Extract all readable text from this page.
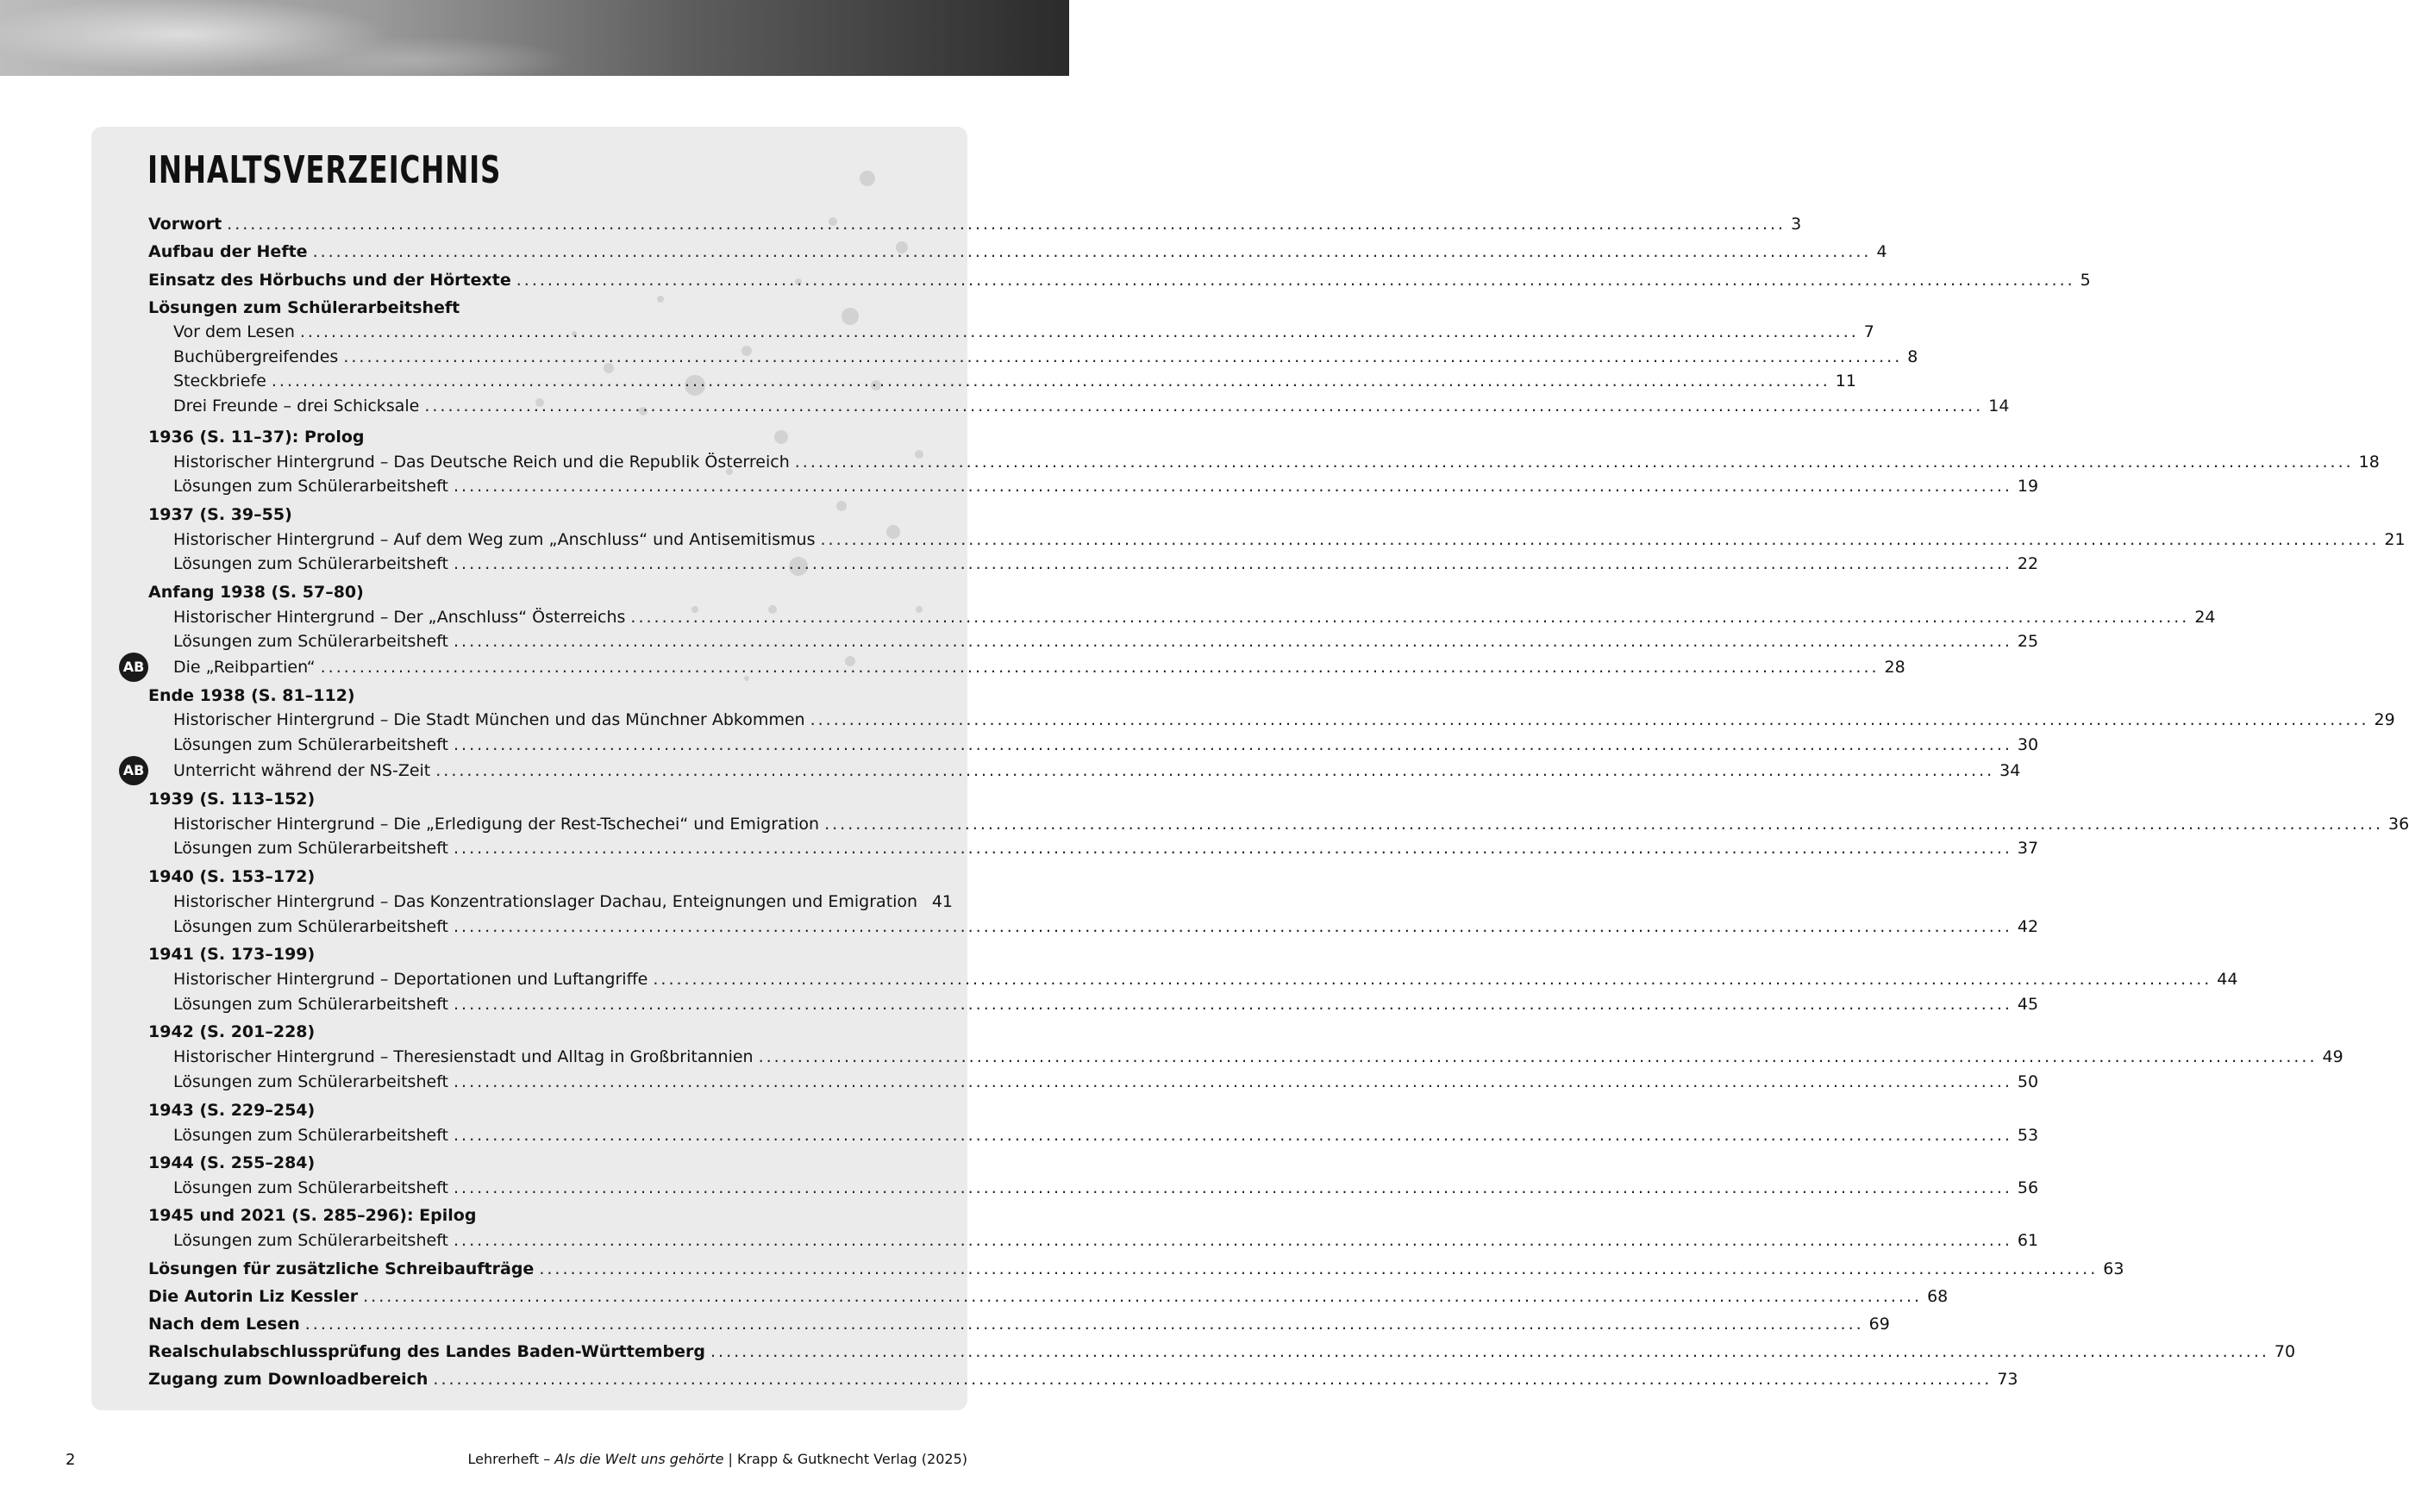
INHALTSVERZEICHNIS
Vorwort ........................................................................................................................................................................................................ 3
Aufbau der Hefte ........................................................................................................................................................................................................ 4
Einsatz des Hörbuchs und der Hörtexte ........................................................................................................................................................................................................ 5
Lösungen zum Schülerarbeitsheft
Vor dem Lesen ........................................................................................................................................................................................................ 7
Buchübergreifendes ........................................................................................................................................................................................................ 8
Steckbriefe ........................................................................................................................................................................................................ 11
Drei Freunde – drei Schicksale ........................................................................................................................................................................................................ 14
1936 (S. 11–37): Prolog
Historischer Hintergrund – Das Deutsche Reich und die Republik Österreich ........................................................................................................................................................................................................ 18
Lösungen zum Schülerarbeitsheft ........................................................................................................................................................................................................ 19
1937 (S. 39–55)
Historischer Hintergrund – Auf dem Weg zum „Anschluss“ und Antisemitismus ........................................................................................................................................................................................................ 21
Lösungen zum Schülerarbeitsheft ........................................................................................................................................................................................................ 22
Anfang 1938 (S. 57–80)
Historischer Hintergrund – Der „Anschluss“ Österreichs ........................................................................................................................................................................................................ 24
Lösungen zum Schülerarbeitsheft ........................................................................................................................................................................................................ 25
AB Die „Reibpartien“ ........................................................................................................................................................................................................ 28
Ende 1938 (S. 81–112)
Historischer Hintergrund – Die Stadt München und das Münchner Abkommen ........................................................................................................................................................................................................ 29
Lösungen zum Schülerarbeitsheft ........................................................................................................................................................................................................ 30
AB Unterricht während der NS-Zeit ........................................................................................................................................................................................................ 34
1939 (S. 113–152)
Historischer Hintergrund – Die „Erledigung der Rest-Tschechei“ und Emigration ........................................................................................................................................................................................................ 36
Lösungen zum Schülerarbeitsheft ........................................................................................................................................................................................................ 37
1940 (S. 153–172)
Historischer Hintergrund – Das Konzentrationslager Dachau, Enteignungen und Emigration 41
Lösungen zum Schülerarbeitsheft ........................................................................................................................................................................................................ 42
1941 (S. 173–199)
Historischer Hintergrund – Deportationen und Luftangriffe ........................................................................................................................................................................................................ 44
Lösungen zum Schülerarbeitsheft ........................................................................................................................................................................................................ 45
1942 (S. 201–228)
Historischer Hintergrund – Theresienstadt und Alltag in Großbritannien ........................................................................................................................................................................................................ 49
Lösungen zum Schülerarbeitsheft ........................................................................................................................................................................................................ 50
1943 (S. 229–254)
Lösungen zum Schülerarbeitsheft ........................................................................................................................................................................................................ 53
1944 (S. 255–284)
Lösungen zum Schülerarbeitsheft ........................................................................................................................................................................................................ 56
1945 und 2021 (S. 285–296): Epilog
Lösungen zum Schülerarbeitsheft ........................................................................................................................................................................................................ 61
Lösungen für zusätzliche Schreibaufträge ........................................................................................................................................................................................................ 63
Die Autorin Liz Kessler ........................................................................................................................................................................................................ 68
Nach dem Lesen ........................................................................................................................................................................................................ 69
Realschulabschlussprüfung des Landes Baden-Württemberg ........................................................................................................................................................................................................ 70
Zugang zum Downloadbereich ........................................................................................................................................................................................................ 73
2	Lehrerheft – Als die Welt uns gehörte | Krapp & Gutknecht Verlag (2025)
